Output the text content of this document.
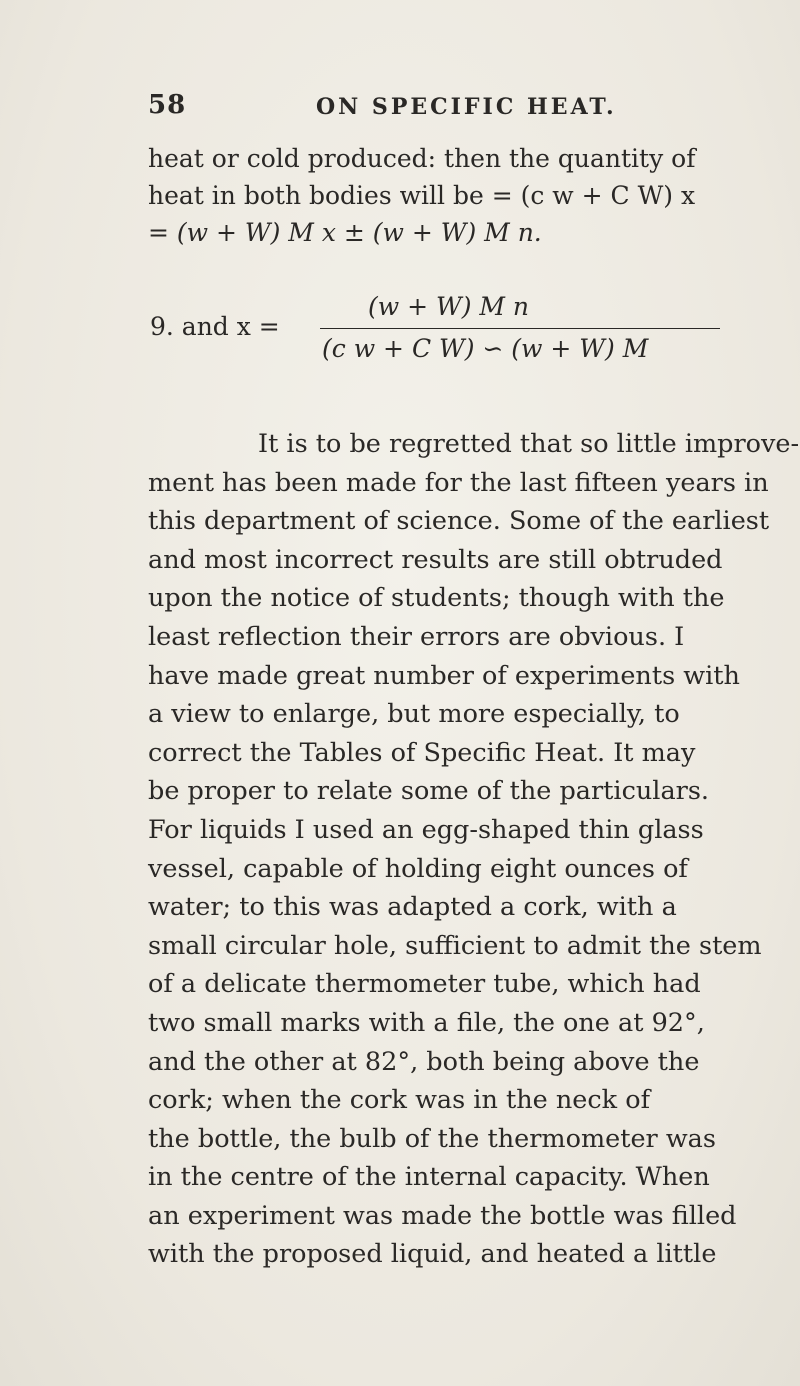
58	ON SPECIFIC HEAT.
heat or cold produced: then the quantity of
heat in both bodies will be = (c w + C W) x
= (w + W) M x ± (w + W) M n.
9. and x =
(w + W) M n
(c w + C W) ∽ (w + W) M
It is to be regretted that so little improve-
ment has been made for the last fifteen years in
this department of science. Some of the earliest
and most incorrect results are still obtruded
upon the notice of students; though with the
least reflection their errors are obvious. I
have made great number of experiments with
a view to enlarge, but more especially, to
correct the Tables of Specific Heat. It may
be proper to relate some of the particulars.
For liquids I used an egg-shaped thin glass
vessel, capable of holding eight ounces of
water; to this was adapted a cork, with a
small circular hole, sufficient to admit the stem
of a delicate thermometer tube, which had
two small marks with a file, the one at 92°,
and the other at 82°, both being above the
cork; when the cork was in the neck of
the bottle, the bulb of the thermometer was
in the centre of the internal capacity. When
an experiment was made the bottle was filled
with the proposed liquid, and heated a little
